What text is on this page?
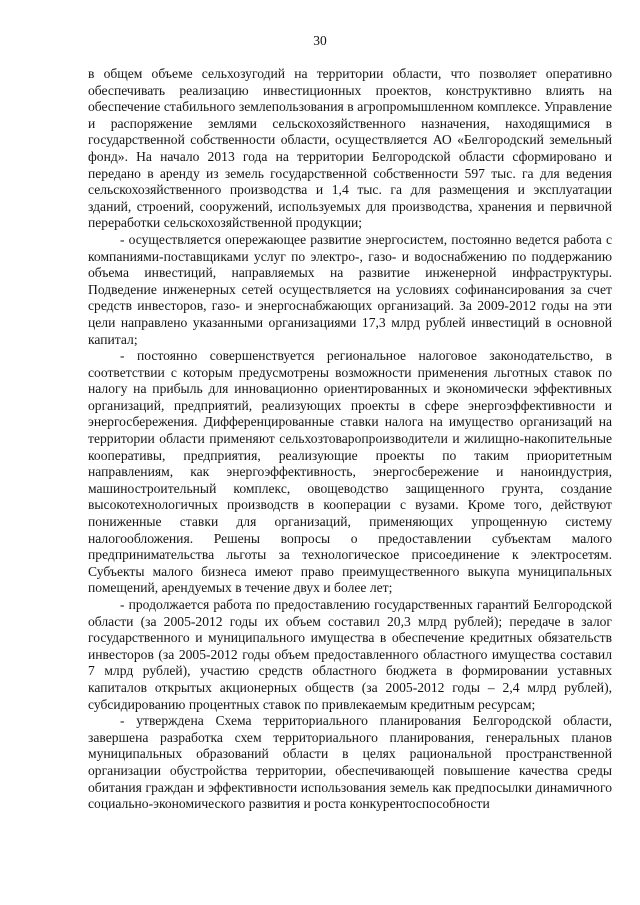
30

в общем объеме сельхозугодий на территории области, что позволяет оперативно обеспечивать реализацию инвестиционных проектов, конструктивно влиять на обеспечение стабильного землепользования в агропромышленном комплексе. Управление и распоряжение землями сельскохозяйственного назначения, находящимися в государственной собственности области, осуществляется АО «Белгородский земельный фонд». На начало 2013 года на территории Белгородской области сформировано и передано в аренду из земель государственной собственности 597 тыс. га для ведения сельскохозяйственного производства и 1,4 тыс. га для размещения и эксплуатации зданий, строений, сооружений, используемых для производства, хранения и первичной переработки сельскохозяйственной продукции;

- осуществляется опережающее развитие энергосистем, постоянно ведется работа с компаниями-поставщиками услуг по электро-, газо- и водоснабжению по поддержанию объема инвестиций, направляемых на развитие инженерной инфраструктуры. Подведение инженерных сетей осуществляется на условиях софинансирования за счет средств инвесторов, газо- и энергоснабжающих организаций. За 2009-2012 годы на эти цели направлено указанными организациями 17,3 млрд рублей инвестиций в основной капитал;

- постоянно совершенствуется региональное налоговое законодательство, в соответствии с которым предусмотрены возможности применения льготных ставок по налогу на прибыль для инновационно ориентированных и экономически эффективных организаций, предприятий, реализующих проекты в сфере энергоэффективности и энергосбережения. Дифференцированные ставки налога на имущество организаций на территории области применяют сельхозтоваропроизводители и жилищно-накопительные кооперативы, предприятия, реализующие проекты по таким приоритетным направлениям, как энергоэффективность, энергосбережение и наноиндустрия, машиностроительный комплекс, овощеводство защищенного грунта, создание высокотехнологичных производств в кооперации с вузами. Кроме того, действуют пониженные ставки для организаций, применяющих упрощенную систему налогообложения. Решены вопросы о предоставлении субъектам малого предпринимательства льготы за технологическое присоединение к электросетям. Субъекты малого бизнеса имеют право преимущественного выкупа муниципальных помещений, арендуемых в течение двух и более лет;

- продолжается работа по предоставлению государственных гарантий Белгородской области (за 2005-2012 годы их объем составил 20,3 млрд рублей); передаче в залог государственного и муниципального имущества в обеспечение кредитных обязательств инвесторов (за 2005-2012 годы объем предоставленного областного имущества составил 7 млрд рублей), участию средств областного бюджета в формировании уставных капиталов открытых акционерных обществ (за 2005-2012 годы – 2,4 млрд рублей), субсидированию процентных ставок по привлекаемым кредитным ресурсам;

- утверждена Схема территориального планирования Белгородской области, завершена разработка схем территориального планирования, генеральных планов муниципальных образований области в целях рациональной пространственной организации обустройства территории, обеспечивающей повышение качества среды обитания граждан и эффективности использования земель как предпосылки динамичного социально-экономического развития и роста конкурентоспособности
